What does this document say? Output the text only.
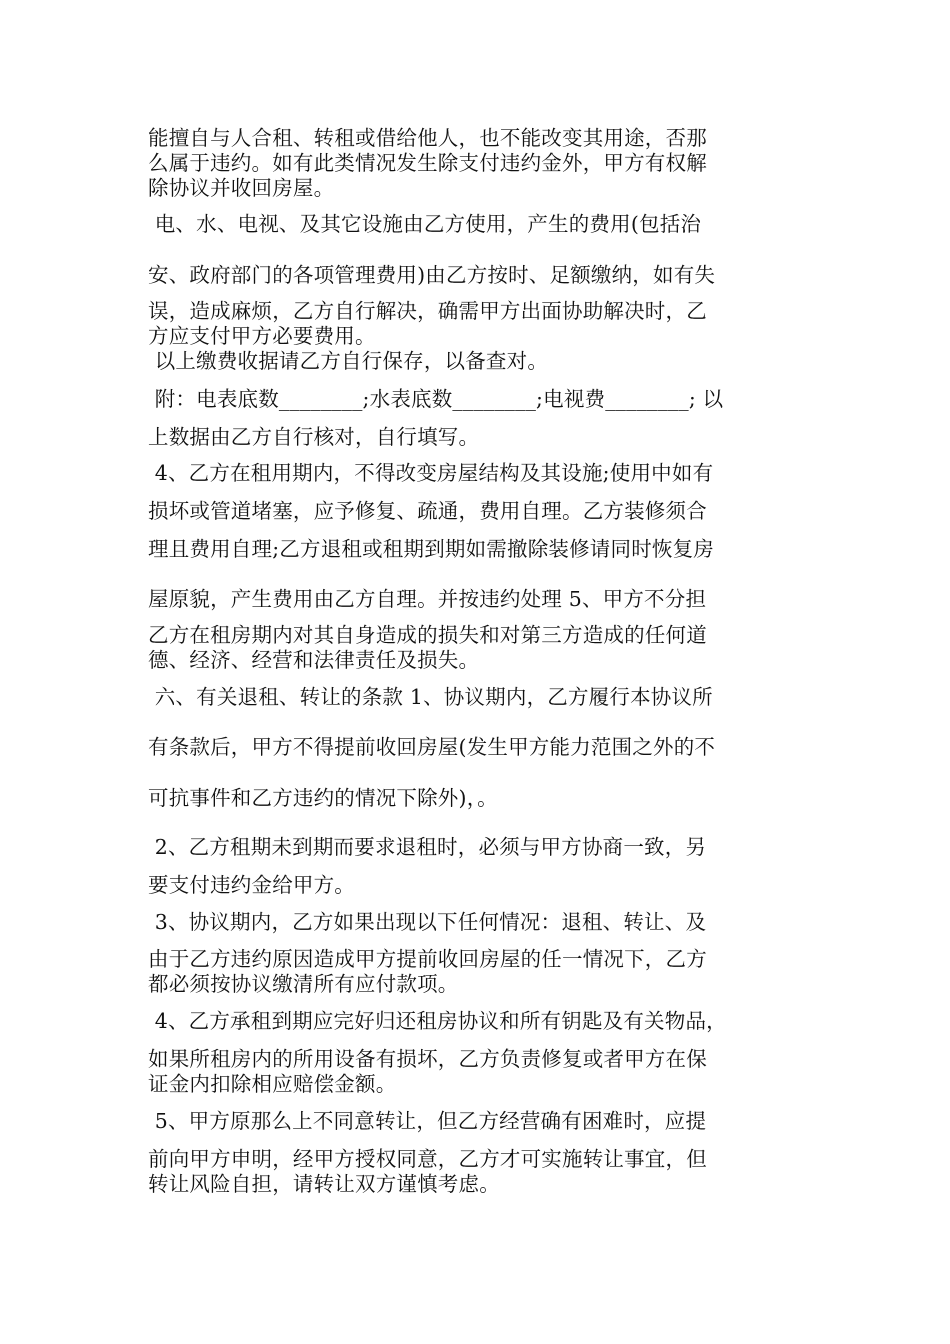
能擅自与人合租、转租或借给他人，也不能改变其用途，否那
么属于违约。如有此类情况发生除支付违约金外，甲方有权解
除协议并收回房屋。
电、水、电视、及其它设施由乙方使用，产生的费用(包括治
安、政府部门的各项管理费用)由乙方按时、足额缴纳，如有失
误，造成麻烦，乙方自行解决，确需甲方出面协助解决时，乙
方应支付甲方必要费用。
以上缴费收据请乙方自行保存，以备查对。
附：电表底数________;水表底数________;电视费________; 以
上数据由乙方自行核对，自行填写。
4、乙方在租用期内，不得改变房屋结构及其设施;使用中如有
损坏或管道堵塞，应予修复、疏通，费用自理。乙方装修须合
理且费用自理;乙方退租或租期到期如需撤除装修请同时恢复房
屋原貌，产生费用由乙方自理。并按违约处理 5、甲方不分担
乙方在租房期内对其自身造成的损失和对第三方造成的任何道
德、经济、经营和法律责任及损失。
六、有关退租、转让的条款 1、协议期内，乙方履行本协议所
有条款后，甲方不得提前收回房屋(发生甲方能力范围之外的不
可抗事件和乙方违约的情况下除外)，。
2、乙方租期未到期而要求退租时，必须与甲方协商一致，另
要支付违约金给甲方。
3、协议期内，乙方如果出现以下任何情况：退租、转让、及
由于乙方违约原因造成甲方提前收回房屋的任一情况下，乙方
都必须按协议缴清所有应付款项。
4、乙方承租到期应完好归还租房协议和所有钥匙及有关物品，
如果所租房内的所用设备有损坏，乙方负责修复或者甲方在保
证金内扣除相应赔偿金额。
5、甲方原那么上不同意转让，但乙方经营确有困难时，应提
前向甲方申明，经甲方授权同意，乙方才可实施转让事宜，但
转让风险自担，请转让双方谨慎考虑。
